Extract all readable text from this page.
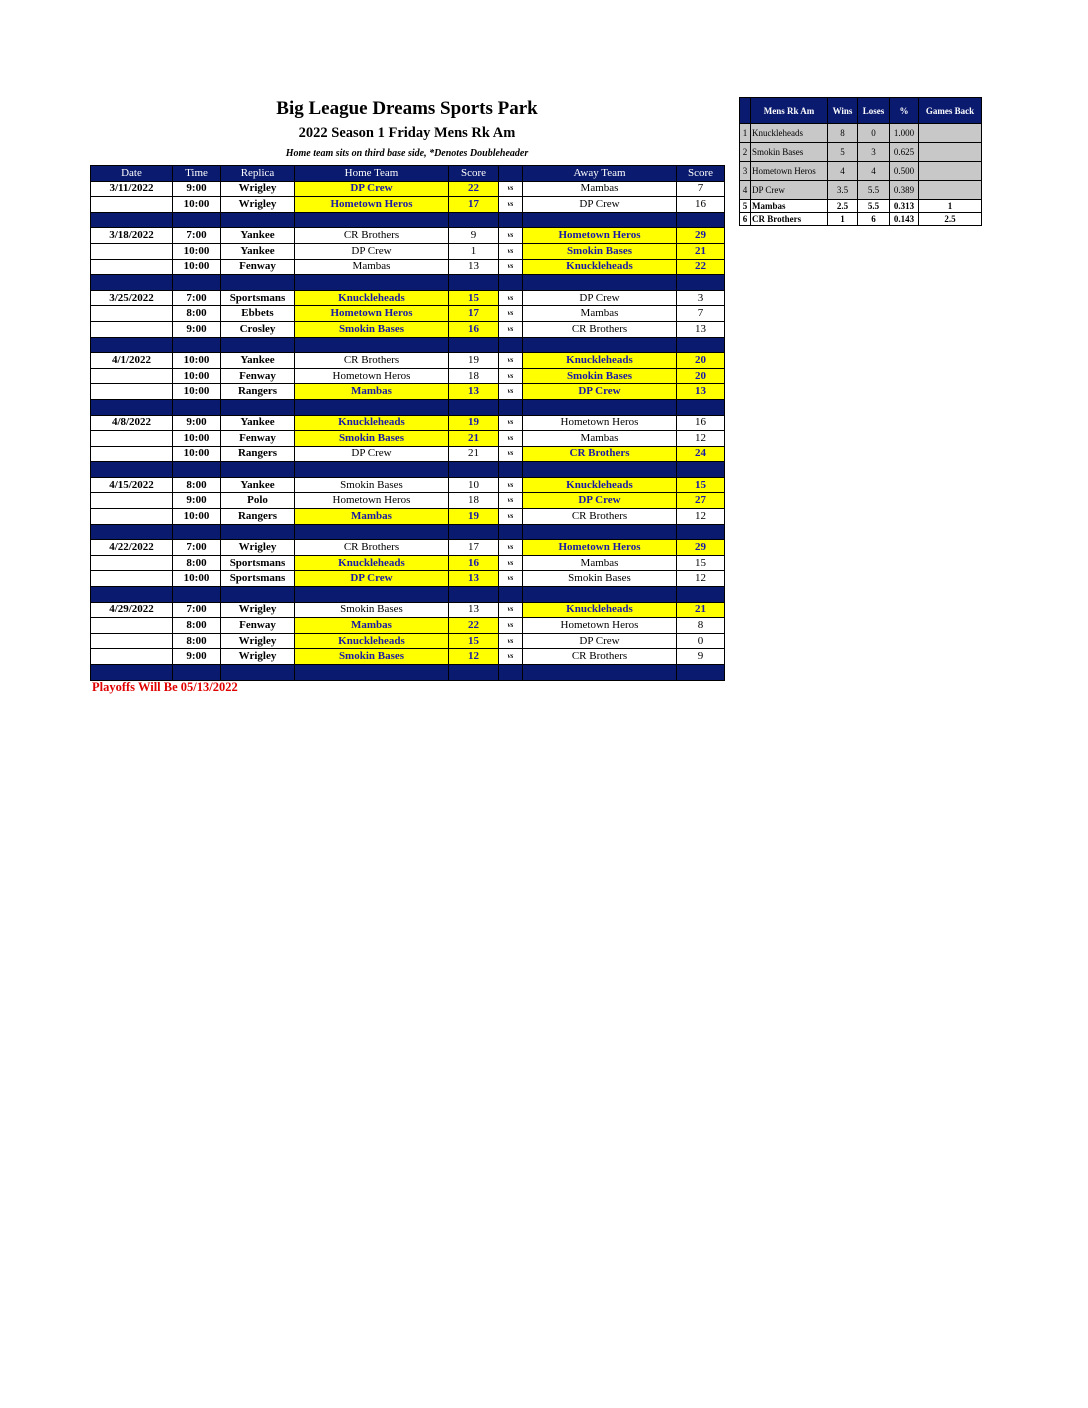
Big League Dreams Sports Park
2022 Season 1 Friday Mens Rk Am
Home team sits on third base side, *Denotes Doubleheader
Date	Time	Replica	Home Team	Score		Away Team	Score
3/11/2022	9:00	Wrigley	DP Crew	22	vs	Mambas	7
	10:00	Wrigley	Hometown Heros	17	vs	DP Crew	16

3/18/2022	7:00	Yankee	CR Brothers	9	vs	Hometown Heros	29
	10:00	Yankee	DP Crew	1	vs	Smokin Bases	21
	10:00	Fenway	Mambas	13	vs	Knuckleheads	22

3/25/2022	7:00	Sportsmans	Knuckleheads	15	vs	DP Crew	3
	8:00	Ebbets	Hometown Heros	17	vs	Mambas	7
	9:00	Crosley	Smokin Bases	16	vs	CR Brothers	13

4/1/2022	10:00	Yankee	CR Brothers	19	vs	Knuckleheads	20
	10:00	Fenway	Hometown Heros	18	vs	Smokin Bases	20
	10:00	Rangers	Mambas	13	vs	DP Crew	13

4/8/2022	9:00	Yankee	Knuckleheads	19	vs	Hometown Heros	16
	10:00	Fenway	Smokin Bases	21	vs	Mambas	12
	10:00	Rangers	DP Crew	21	vs	CR Brothers	24

4/15/2022	8:00	Yankee	Smokin Bases	10	vs	Knuckleheads	15
	9:00	Polo	Hometown Heros	18	vs	DP Crew	27
	10:00	Rangers	Mambas	19	vs	CR Brothers	12

4/22/2022	7:00	Wrigley	CR Brothers	17	vs	Hometown Heros	29
	8:00	Sportsmans	Knuckleheads	16	vs	Mambas	15
	10:00	Sportsmans	DP Crew	13	vs	Smokin Bases	12

4/29/2022	7:00	Wrigley	Smokin Bases	13	vs	Knuckleheads	21
	8:00	Fenway	Mambas	22	vs	Hometown Heros	8
	8:00	Wrigley	Knuckleheads	15	vs	DP Crew	0
	9:00	Wrigley	Smokin Bases	12	vs	CR Brothers	9

Playoffs Will Be 05/13/2022
	Mens Rk Am	Wins	Loses	%	Games Back
1	Knuckleheads	8	0	1.000	
2	Smokin Bases	5	3	0.625	
3	Hometown Heros	4	4	0.500	
4	DP Crew	3.5	5.5	0.389	
5	Mambas	2.5	5.5	0.313	1
6	CR Brothers	1	6	0.143	2.5
